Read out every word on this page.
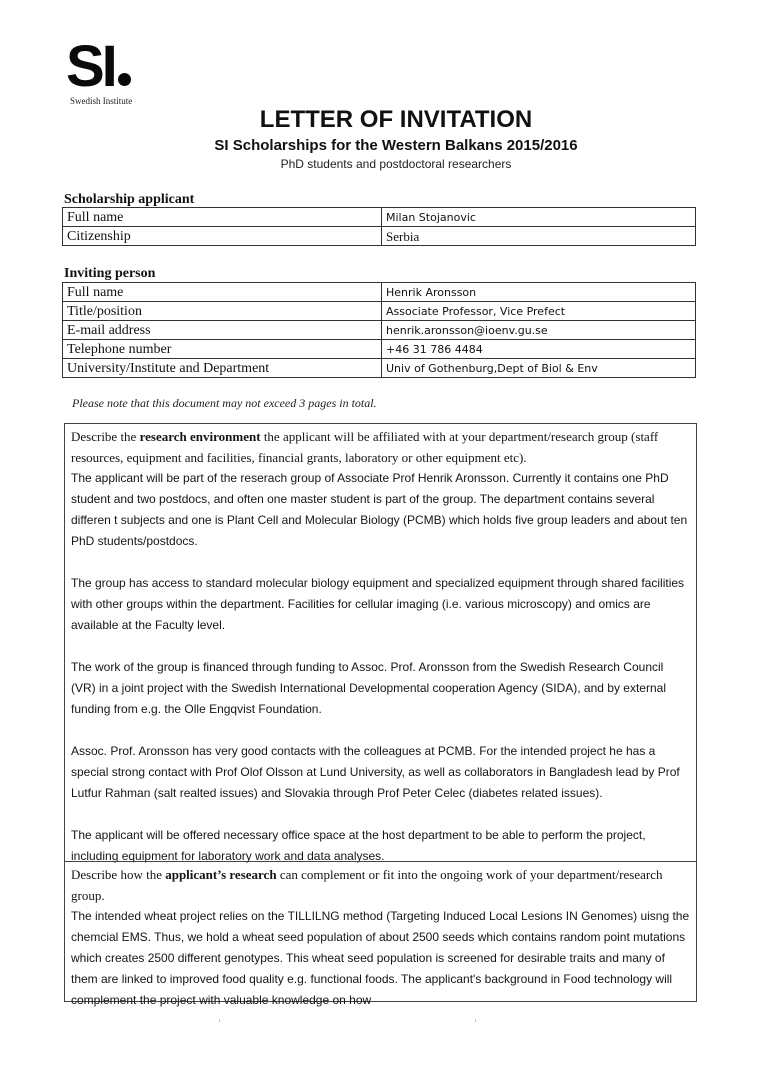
SI
Swedish Institute
LETTER OF INVITATION
SI Scholarships for the Western Balkans 2015/2016
PhD students and postdoctoral researchers
Scholarship applicant
Full name	Milan Stojanovic
Citizenship	Serbia
Inviting person
Full name	Henrik Aronsson
Title/position	Associate Professor, Vice Prefect
E-mail address	henrik.aronsson@ioenv.gu.se
Telephone number	+46 31 786 4484
University/Institute and Department	Univ of Gothenburg,Dept of Biol & Env
Please note that this document may not exceed 3 pages in total.

Describe the research environment the applicant will be affiliated with at your department/research group (staff resources, equipment and facilities, financial grants, laboratory or other equipment etc).

The applicant will be part of the reserach group of Associate Prof Henrik Aronsson. Currently it contains one PhD student and two postdocs, and often one master student is part of the group. The department contains several differen t subjects and one is Plant Cell and Molecular Biology (PCMB) which holds five group leaders and about ten PhD students/postdocs.

The group has access to standard molecular biology equipment and specialized equipment through shared facilities with other groups within the department. Facilities for cellular imaging (i.e. various microscopy) and omics are available at the Faculty level.

The work of the group is financed through funding to Assoc. Prof. Aronsson from the Swedish Research Council (VR) in a joint project with the Swedish International Developmental cooperation Agency (SIDA), and by external funding from e.g. the Olle Engqvist Foundation.

Assoc. Prof. Aronsson has very good contacts with the colleagues at PCMB. For the intended project he has a special strong contact with Prof Olof Olsson at Lund University, as well as collaborators in Bangladesh lead by Prof Lutfur Rahman (salt realted issues) and Slovakia through Prof Peter Celec (diabetes related issues).

The applicant will be offered necessary office space at the host department to be able to perform the project, including equipment for laboratory work and data analyses.

Describe how the applicant’s research can complement or fit into the ongoing work of your department/research group.

The intended wheat project relies on the TILLILNG method (Targeting Induced Local Lesions IN Genomes) uisng the chemcial EMS. Thus, we hold a wheat seed population of about 2500 seeds which contains random point mutations which creates 2500 different genotypes. This wheat seed population is screened for desirable traits and many of them are linked to improved food quality e.g. functional foods. The applicant's background in Food technology will complement the project with valuable knowledge on how
